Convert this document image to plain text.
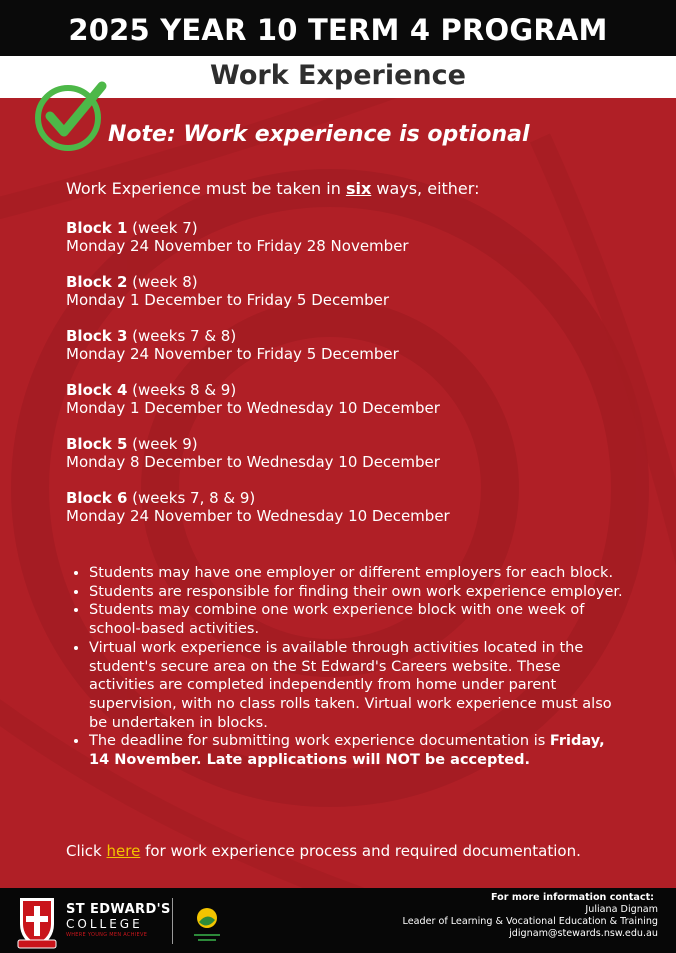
2025 YEAR 10 TERM 4 PROGRAM
Work Experience

Note: Work experience is optional

Work Experience must be taken in six ways, either:

Block 1 (week 7)
Monday 24 November to Friday 28 November
Block 2 (week 8)
Monday 1 December to Friday 5 December
Block 3 (weeks 7 & 8)
Monday 24 November to Friday 5 December
Block 4 (weeks 8 & 9)
Monday 1 December to Wednesday 10 December
Block 5 (week 9)
Monday 8 December to Wednesday 10 December
Block 6 (weeks 7, 8 & 9)
Monday 24 November to Wednesday 10 December
• Students may have one employer or different employers for each block.
• Students are responsible for finding their own work experience employer.
• Students may combine one work experience block with one week of school-based activities.
• Virtual work experience is available through activities located in the student's secure area on the St Edward's Careers website. These activities are completed independently from home under parent supervision, with no class rolls taken. Virtual work experience must also be undertaken in blocks.
• The deadline for submitting work experience documentation is Friday, 14 November. Late applications will NOT be accepted.

Click here for work experience process and required documentation.

ST EDWARD'S
COLLEGE
WHERE YOUNG MEN ACHIEVE
For more information contact:
Juliana Dignam
Leader of Learning & Vocational Education & Training
jdignam@stewards.nsw.edu.au
